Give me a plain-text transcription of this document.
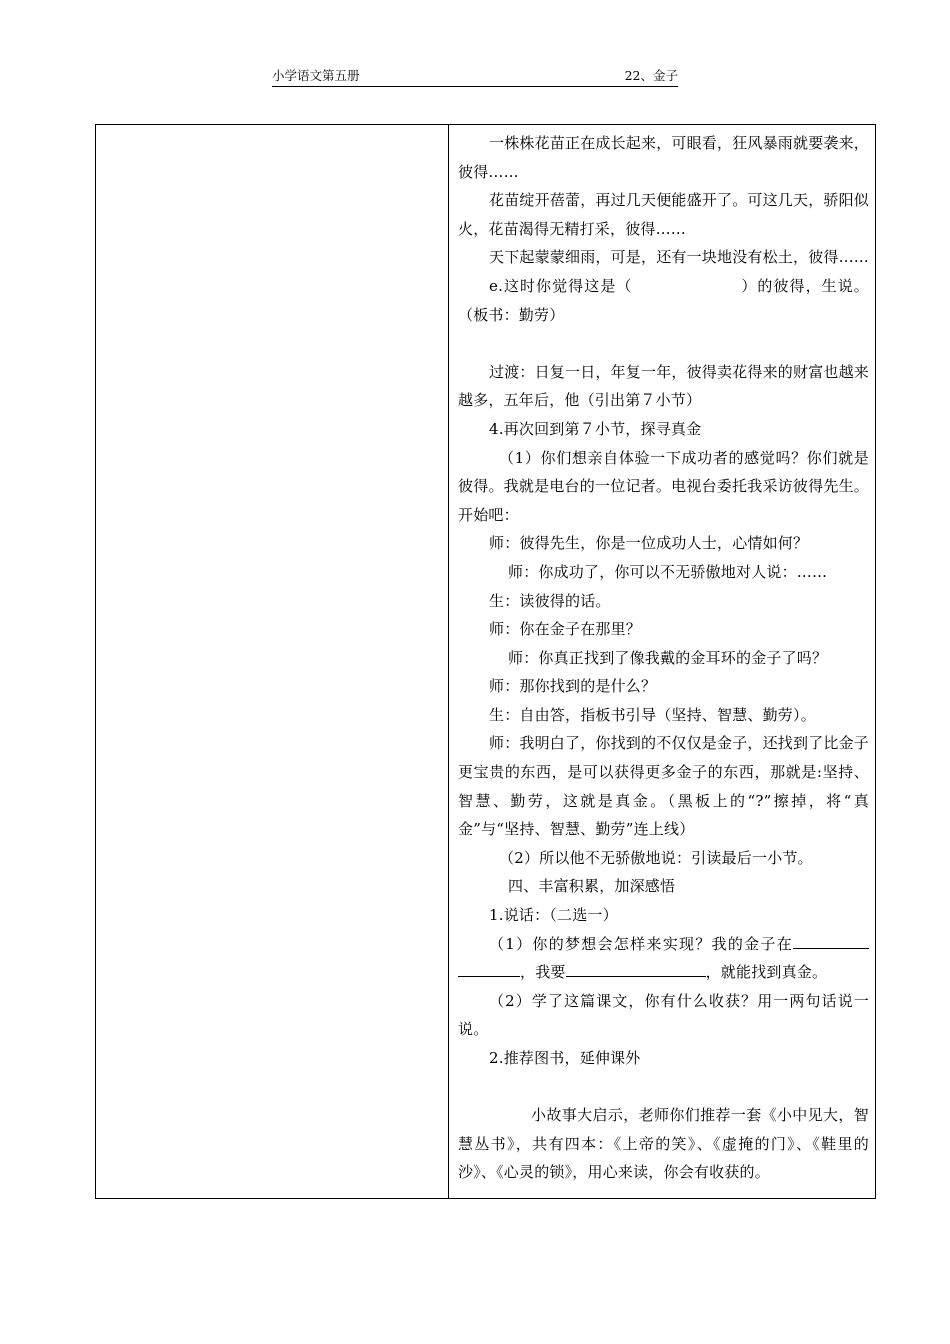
小学语文第五册	22、金子

一株株花苗正在成长起来，可眼看，狂风暴雨就要袭来，彼得……

花苗绽开蓓蕾，再过几天便能盛开了。可这几天，骄阳似火，花苗渴得无精打采，彼得……

天下起蒙蒙细雨，可是，还有一块地没有松土，彼得……

e.这时你觉得这是（	）的彼得，生说。（板书：勤劳）

过渡：日复一日，年复一年，彼得卖花得来的财富也越来越多，五年后，他（引出第７小节）

4.再次回到第７小节，探寻真金

（1）你们想亲自体验一下成功者的感觉吗？你们就是彼得。我就是电台的一位记者。电视台委托我采访彼得先生。开始吧：

师：彼得先生，你是一位成功人士，心情如何？

师：你成功了，你可以不无骄傲地对人说：……

生：读彼得的话。

师：你在金子在那里？

师：你真正找到了像我戴的金耳环的金子了吗？

师：那你找到的是什么？

生：自由答，指板书引导（坚持、智慧、勤劳）。

师：我明白了，你找到的不仅仅是金子，还找到了比金子更宝贵的东西，是可以获得更多金子的东西，那就是:坚持、智慧、勤劳，这就是真金。（黑板上的“?”擦掉，将“真金”与“坚持、智慧、勤劳”连上线）

（2）所以他不无骄傲地说：引读最后一小节。

四、丰富积累，加深感悟

1.说话：（二选一）

（1）你的梦想会怎样来实现？我的金子在，我要	，就能找到真金。

（2）学了这篇课文，你有什么收获？用一两句话说一说。

2.推荐图书，延伸课外

小故事大启示，老师你们推荐一套《小中见大，智慧丛书》，共有四本：《上帝的笑》、《虚掩的门》、《鞋里的沙》、《心灵的锁》，用心来读，你会有收获的。
